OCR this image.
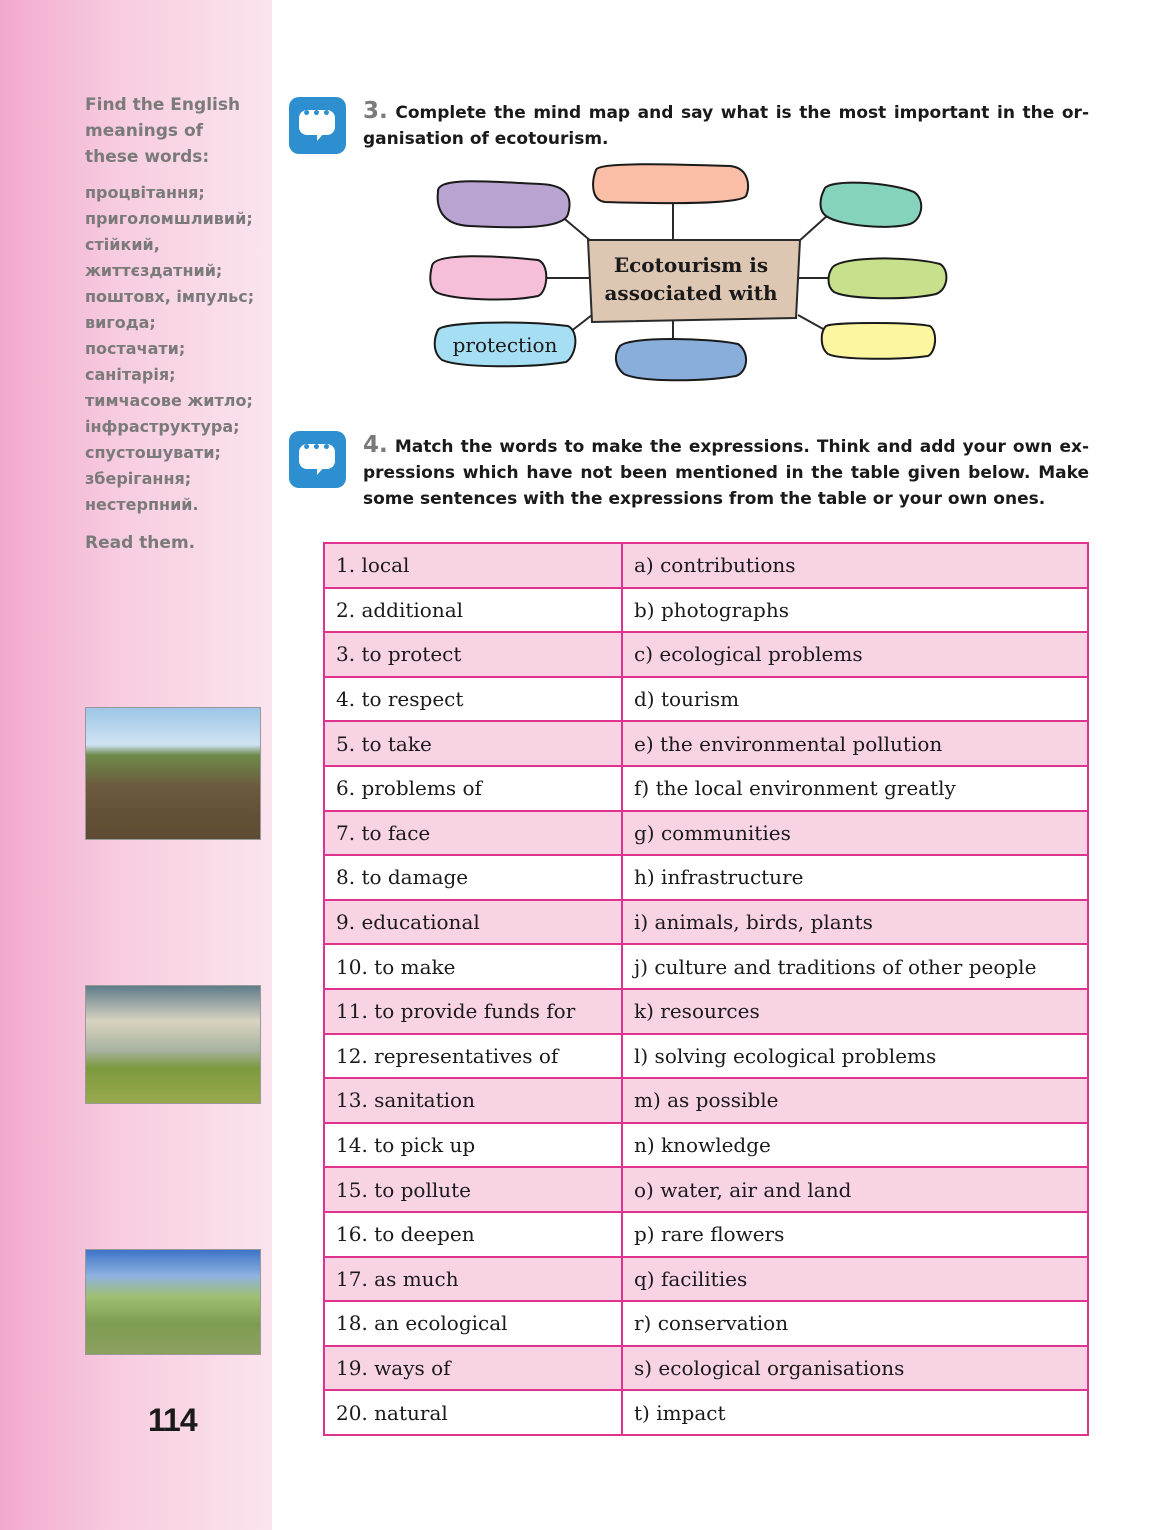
Find the English meanings of these words:
процвітання;
приголомшливий;
стійкий,
життєздатний;
поштовх, імпульс;
вигода;
постачати;
санітарія;
тимчасове житло;
інфраструктура;
спустошувати;
зберігання;
нестерпний.
Read them.
114
••• 3. Complete the mind map and say what is the most important in the or-ganisation of ecotourism.
Ecotourism is
associated with
protection
••• 4. Match the words to make the expressions. Think and add your own ex-pressions which have not been mentioned in the table given below. Make some sentences with the expressions from the table or your own ones.
1. local	a) contributions
2. additional	b) photographs
3. to protect	c) ecological problems
4. to respect	d) tourism
5. to take	e) the environmental pollution
6. problems of	f) the local environment greatly
7. to face	g) communities
8. to damage	h) infrastructure
9. educational	i) animals, birds, plants
10. to make	j) culture and traditions of other people
11. to provide funds for	k) resources
12. representatives of	l) solving ecological problems
13. sanitation	m) as possible
14. to pick up	n) knowledge
15. to pollute	o) water, air and land
16. to deepen	p) rare flowers
17. as much	q) facilities
18. an ecological	r) conservation
19. ways of	s) ecological organisations
20. natural	t) impact
